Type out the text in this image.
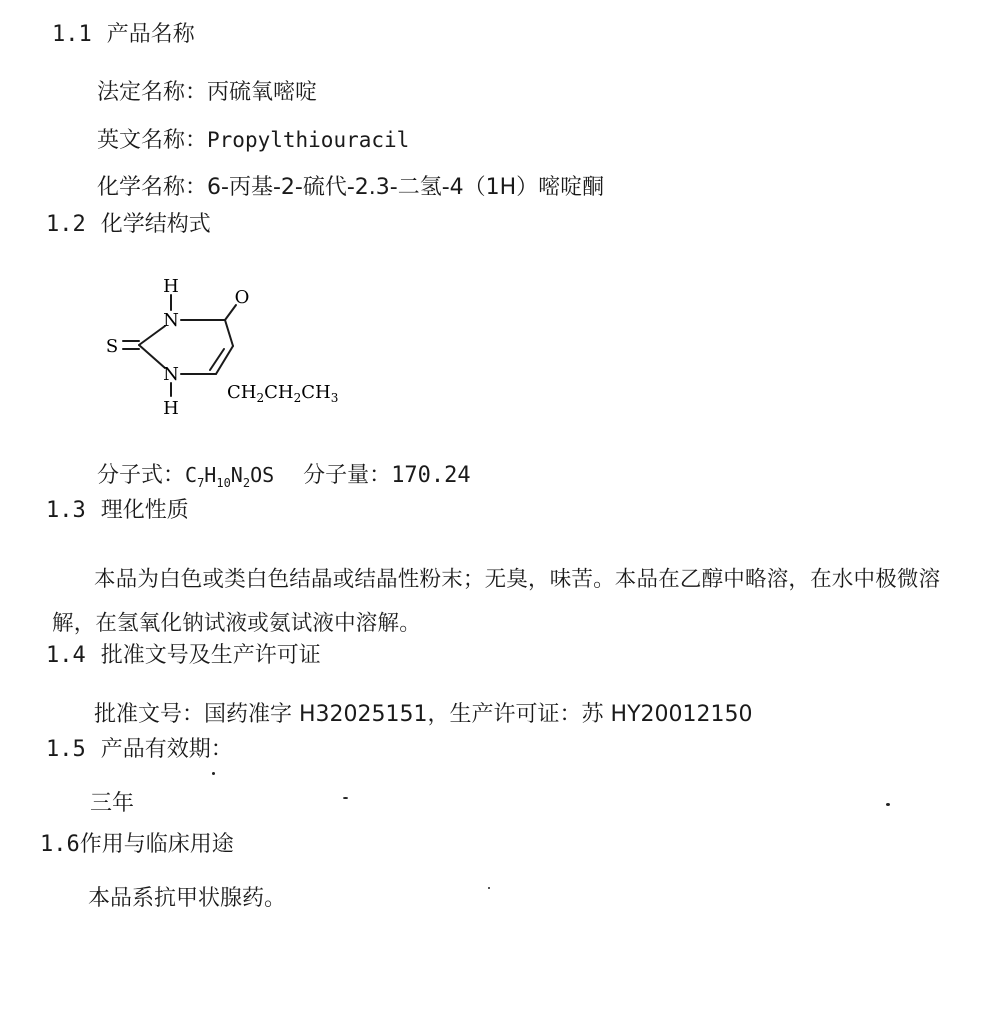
1.1 产品名称
法定名称：丙硫氧嘧啶
英文名称：Propylthiouracil
化学名称：6-丙基-2-硫代-2.3-二氢-4（1H）嘧啶酮
1.2 化学结构式
H
N
O
S
N
H
$CH_2CH_2CH_3$
分子式：$C_7H_{10}N_2OS$ 分子量：170.24
1.3 理化性质
本品为白色或类白色结晶或结晶性粉末；无臭，味苦。本品在乙醇中略溶，在水中极微溶解，在氢氧化钠试液或氨试液中溶解。
1.4 批准文号及生产许可证
批准文号：国药准字 H32025151，生产许可证：苏 HY20012150
1.5 产品有效期：
三年
1.6作用与临床用途
本品系抗甲状腺药。
